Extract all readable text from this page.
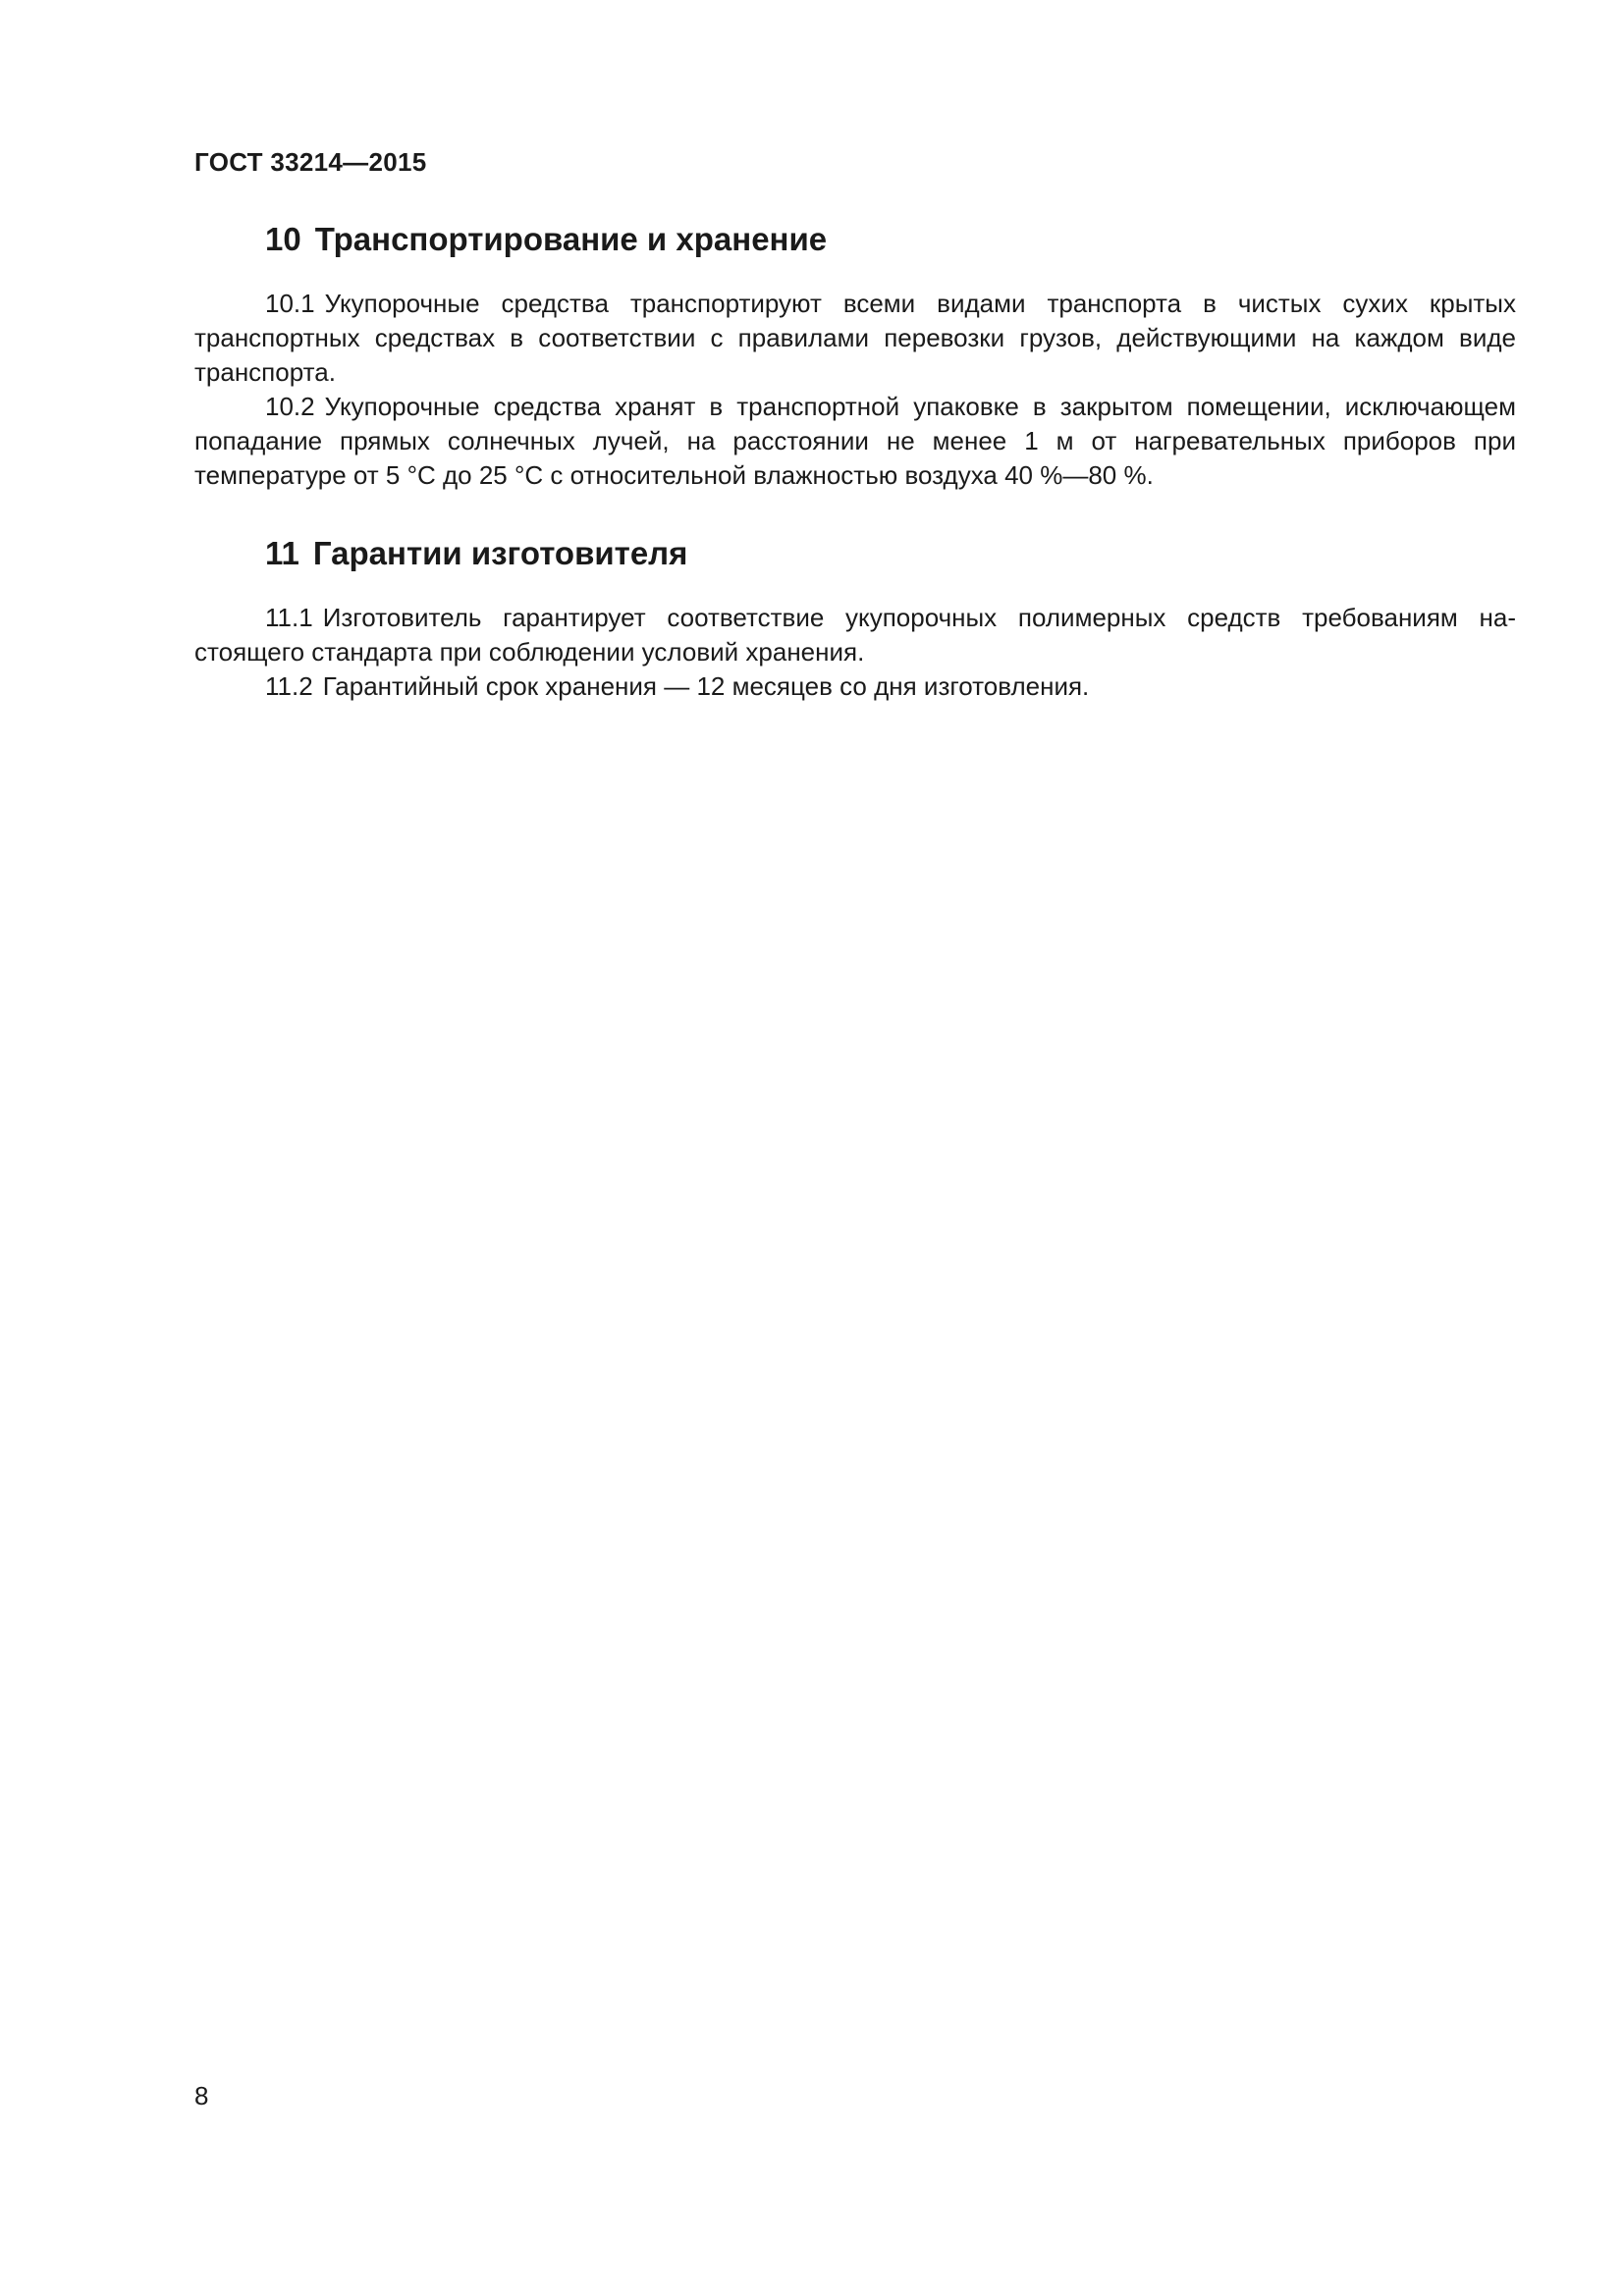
ГОСТ 33214—2015

10 Транспортирование и хранение

10.1 Укупорочные средства транспортируют всеми видами транспорта в чистых сухих крытых транспортных средствах в соответствии с правилами перевозки грузов, действующими на каждом виде транспорта.

10.2 Укупорочные средства хранят в транспортной упаковке в закрытом помещении, исключающем попадание прямых солнечных лучей, на расстоянии не менее 1 м от нагревательных приборов при температуре от 5 °С до 25 °С с относительной влажностью воздуха 40 %—80 %.

11 Гарантии изготовителя

11.1 Изготовитель гарантирует соответствие укупорочных полимерных средств требованиям настоящего стандарта при соблюдении условий хранения.

11.2 Гарантийный срок хранения — 12 месяцев со дня изготовления.

8
